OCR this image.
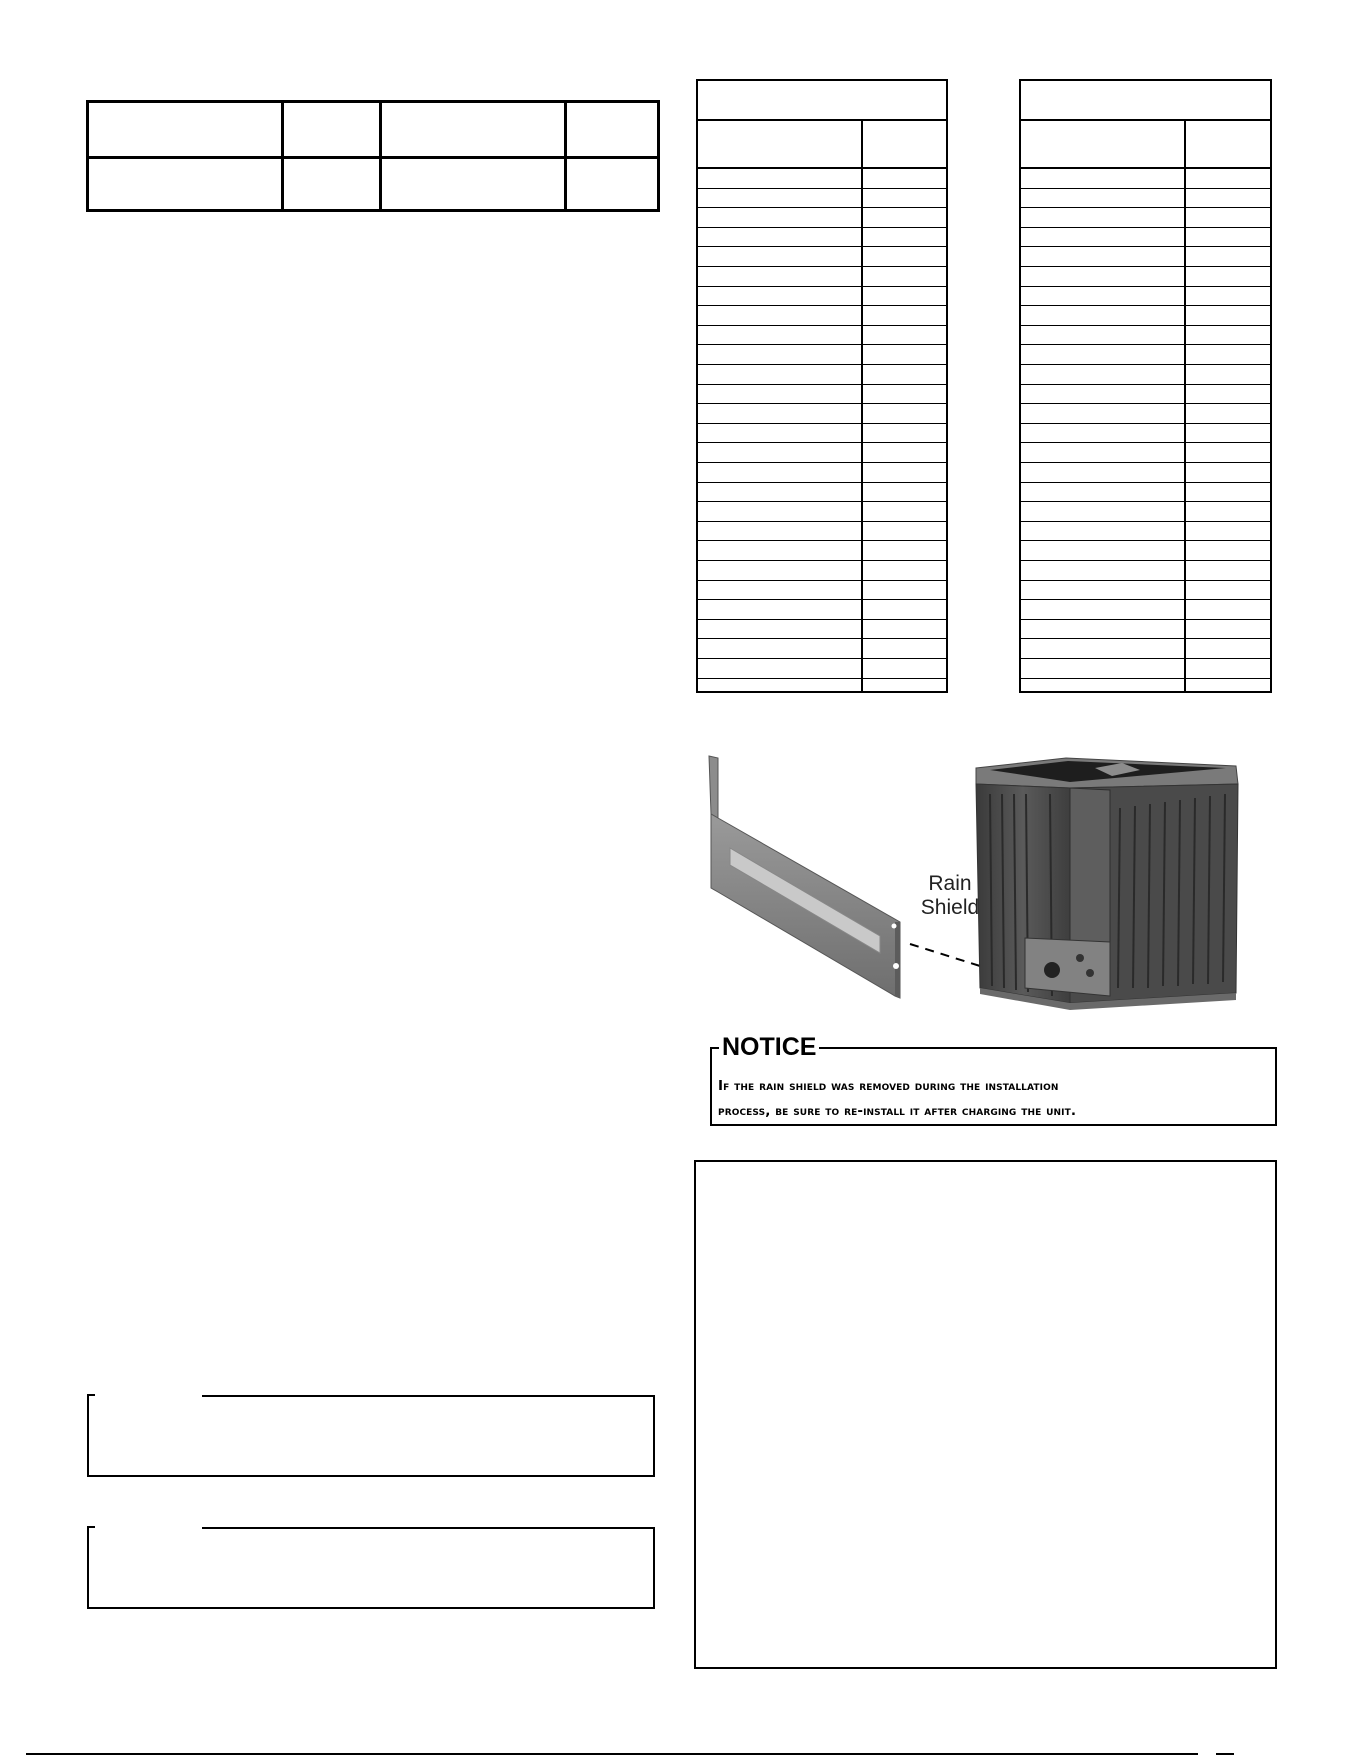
Rain
Shield
NOTICE
If the rain shield was removed during the installation
process, be sure to re-install it after charging the unit.
